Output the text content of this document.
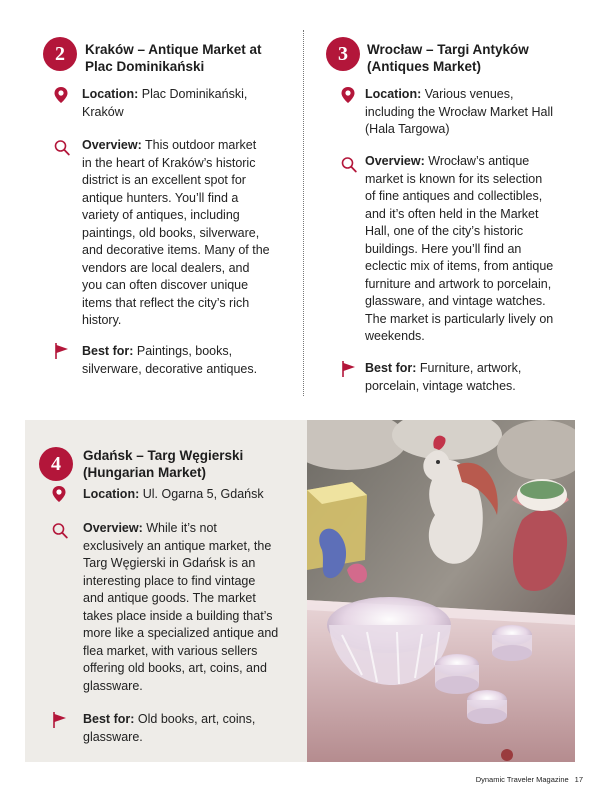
2	Kraków – Antique Market at
Plac Dominikański

Location: Plac Dominikański,
Kraków

Overview: This outdoor market
in the heart of Kraków’s historic
district is an excellent spot for
antique hunters. You’ll find a
variety of antiques, including
paintings, old books, silverware,
and decorative items. Many of the
vendors are local dealers, and
you can often discover unique
items that reflect the city’s rich
history.

Best for: Paintings, books,
silverware, decorative antiques.

3	Wrocław – Targi Antyków
(Antiques Market)

Location: Various venues,
including the Wrocław Market Hall
(Hala Targowa)

Overview: Wrocław’s antique
market is known for its selection
of fine antiques and collectibles,
and it’s often held in the Market
Hall, one of the city’s historic
buildings. Here you’ll find an
eclectic mix of items, from antique
furniture and artwork to porcelain,
glassware, and vintage watches.
The market is particularly lively on
weekends.

Best for: Furniture, artwork,
porcelain, vintage watches.

4	Gdańsk – Targ Węgierski
(Hungarian Market)

Location: Ul. Ogarna 5, Gdańsk

Overview: While it’s not
exclusively an antique market, the
Targ Węgierski in Gdańsk is an
interesting place to find vintage
and antique goods. The market
takes place inside a building that’s
more like a specialized antique and
flea market, with various sellers
offering old books, art, coins, and
glassware.

Best for: Old books, art, coins,
glassware.

Dynamic Traveler Magazine 17
